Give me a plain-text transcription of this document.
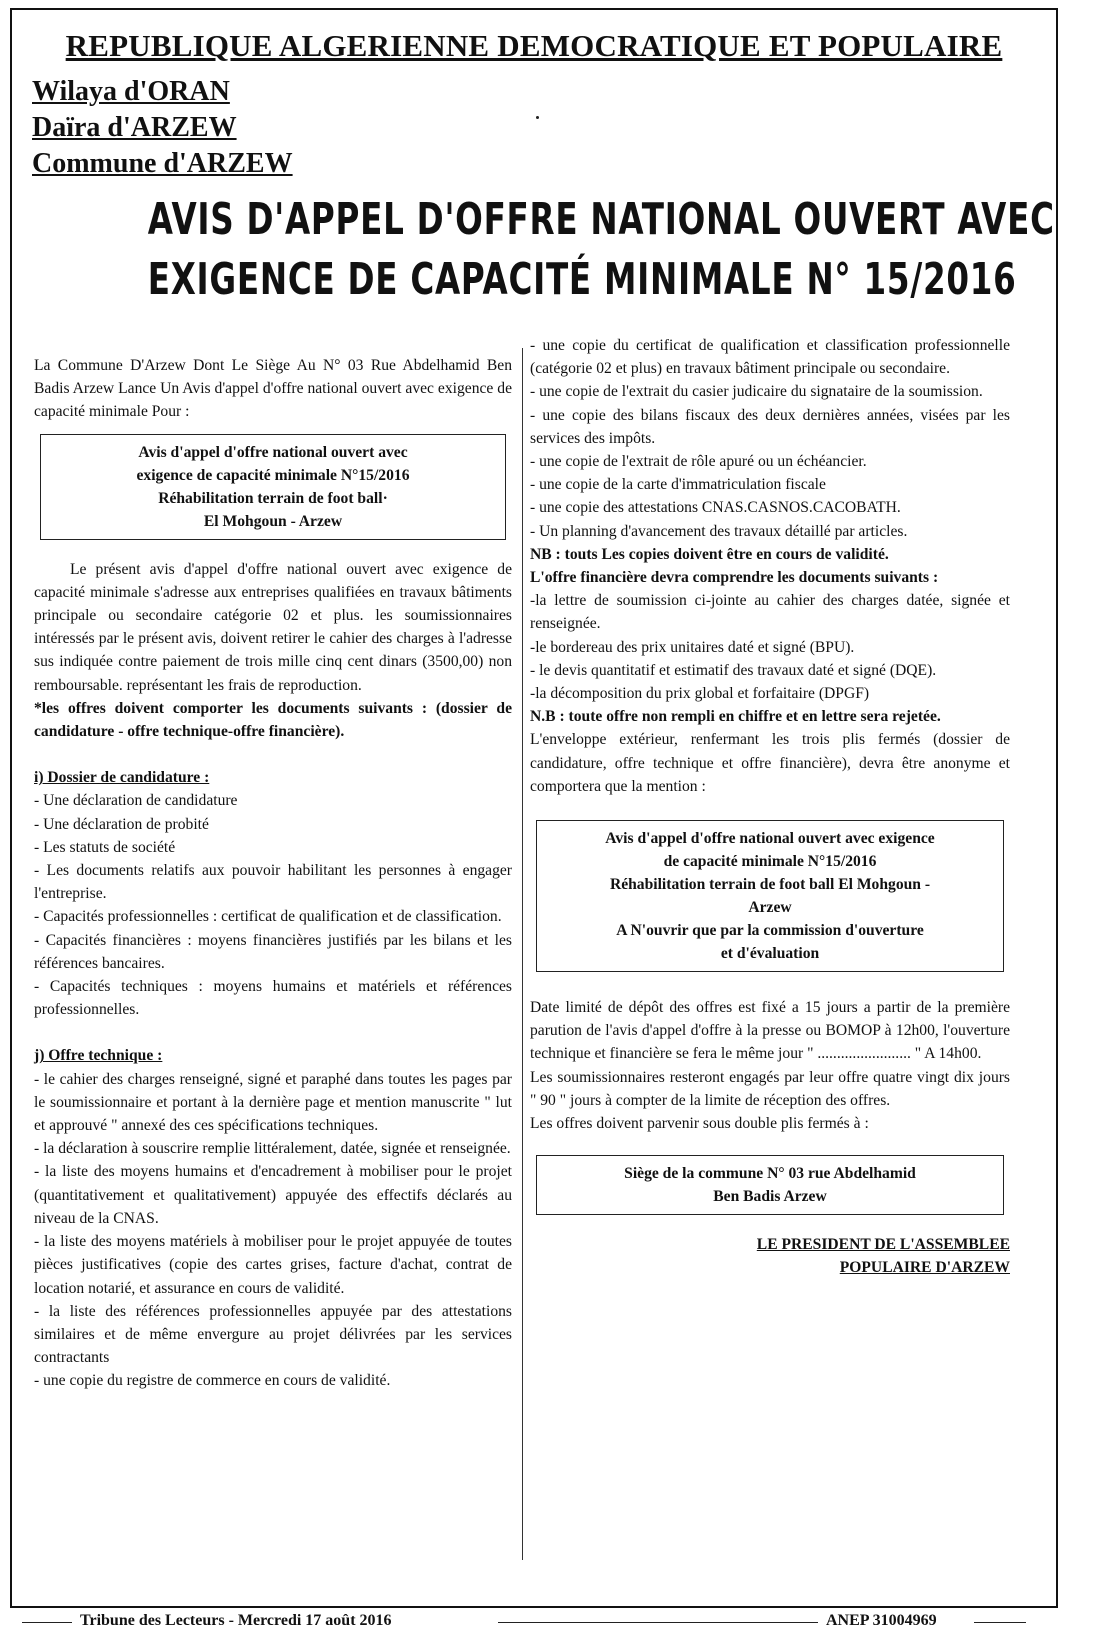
REPUBLIQUE ALGERIENNE DEMOCRATIQUE ET POPULAIRE

Wilaya d'ORAN

Daïra d'ARZEW

Commune d'ARZEW

AVIS D'APPEL D'OFFRE NATIONAL OUVERT AVEC
EXIGENCE DE CAPACITÉ MINIMALE N° 15/2016

La Commune D'Arzew Dont Le Siège Au N° 03 Rue Abdelhamid Ben Badis Arzew Lance Un Avis d'appel d'offre national ouvert avec exigence de capacité minimale Pour :

Avis d'appel d'offre national ouvert avec
exigence de capacité minimale N°15/2016
Réhabilitation terrain de foot ball·
El Mohgoun - Arzew

Le présent avis d'appel d'offre national ouvert avec exigence de capacité minimale s'adresse aux entreprises qualifiées en travaux bâtiments principale ou secondaire catégorie 02 et plus. les soumissionnaires intéressés par le présent avis, doivent retirer le cahier des charges à l'adresse sus indiquée contre paiement de trois mille cinq cent dinars (3500,00) non remboursable. représentant les frais de reproduction.

*les offres doivent comporter les documents suivants : (dossier de candidature - offre technique-offre financière).

i) Dossier de candidature :

- Une déclaration de candidature

- Une déclaration de probité

- Les statuts de société

- Les documents relatifs aux pouvoir habilitant les personnes à engager l'entreprise.

- Capacités professionnelles : certificat de qualification et de classification.

- Capacités financières : moyens financières justifiés par les bilans et les références bancaires.

- Capacités techniques : moyens humains et matériels et références professionnelles.

j) Offre technique :

- le cahier des charges renseigné, signé et paraphé dans toutes les pages par le soumissionnaire et portant à la dernière page et mention manuscrite " lut et approuvé " annexé des ces spécifications techniques.

- la déclaration à souscrire remplie littéralement, datée, signée et renseignée.

- la liste des moyens humains et d'encadrement à mobiliser pour le projet (quantitativement et qualitativement) appuyée des effectifs déclarés au niveau de la CNAS.

- la liste des moyens matériels à mobiliser pour le projet appuyée de toutes pièces justificatives (copie des cartes grises, facture d'achat, contrat de location notarié, et assurance en cours de validité.

- la liste des références professionnelles appuyée par des attestations similaires et de même envergure au projet délivrées par les services contractants

- une copie du registre de commerce en cours de validité.

- une copie du certificat de qualification et classification professionnelle (catégorie 02 et plus) en travaux bâtiment principale ou secondaire.

- une copie de l'extrait du casier judicaire du signataire de la soumission.

- une copie des bilans fiscaux des deux dernières années, visées par les services des impôts.

- une copie de l'extrait de rôle apuré ou un échéancier.

- une copie de la carte d'immatriculation fiscale

- une copie des attestations CNAS.CASNOS.CACOBATH.

- Un planning d'avancement des travaux détaillé par articles.

NB : touts Les copies doivent être en cours de validité.

L'offre financière devra comprendre les documents suivants :

-la lettre de soumission ci-jointe au cahier des charges datée, signée et renseignée.

-le bordereau des prix unitaires daté et signé (BPU).

- le devis quantitatif et estimatif des travaux daté et signé (DQE).

-la décomposition du prix global et forfaitaire (DPGF)

N.B : toute offre non rempli en chiffre et en lettre sera rejetée.

L'enveloppe extérieur, renfermant les trois plis fermés (dossier de candidature, offre technique et offre financière), devra être anonyme et comportera que la mention :

Avis d'appel d'offre national ouvert avec exigence
de capacité minimale N°15/2016
Réhabilitation terrain de foot ball El Mohgoun -
Arzew
A N'ouvrir que par la commission d'ouverture
et d'évaluation

Date limité de dépôt des offres est fixé a 15 jours a partir de la première parution de l'avis d'appel d'offre à la presse ou BOMOP à 12h00, l'ouverture technique et financière se fera le même jour " ........................ " A 14h00.

Les soumissionnaires resteront engagés par leur offre quatre vingt dix jours " 90 " jours à compter de la limite de réception des offres.

Les offres doivent parvenir sous double plis fermés à :

Siège de la commune N° 03 rue Abdelhamid
Ben Badis Arzew
LE PRESIDENT DE L'ASSEMBLEE
POPULAIRE D'ARZEW
Tribune des Lecteurs - Mercredi 17 août 2016	ANEP 31004969
